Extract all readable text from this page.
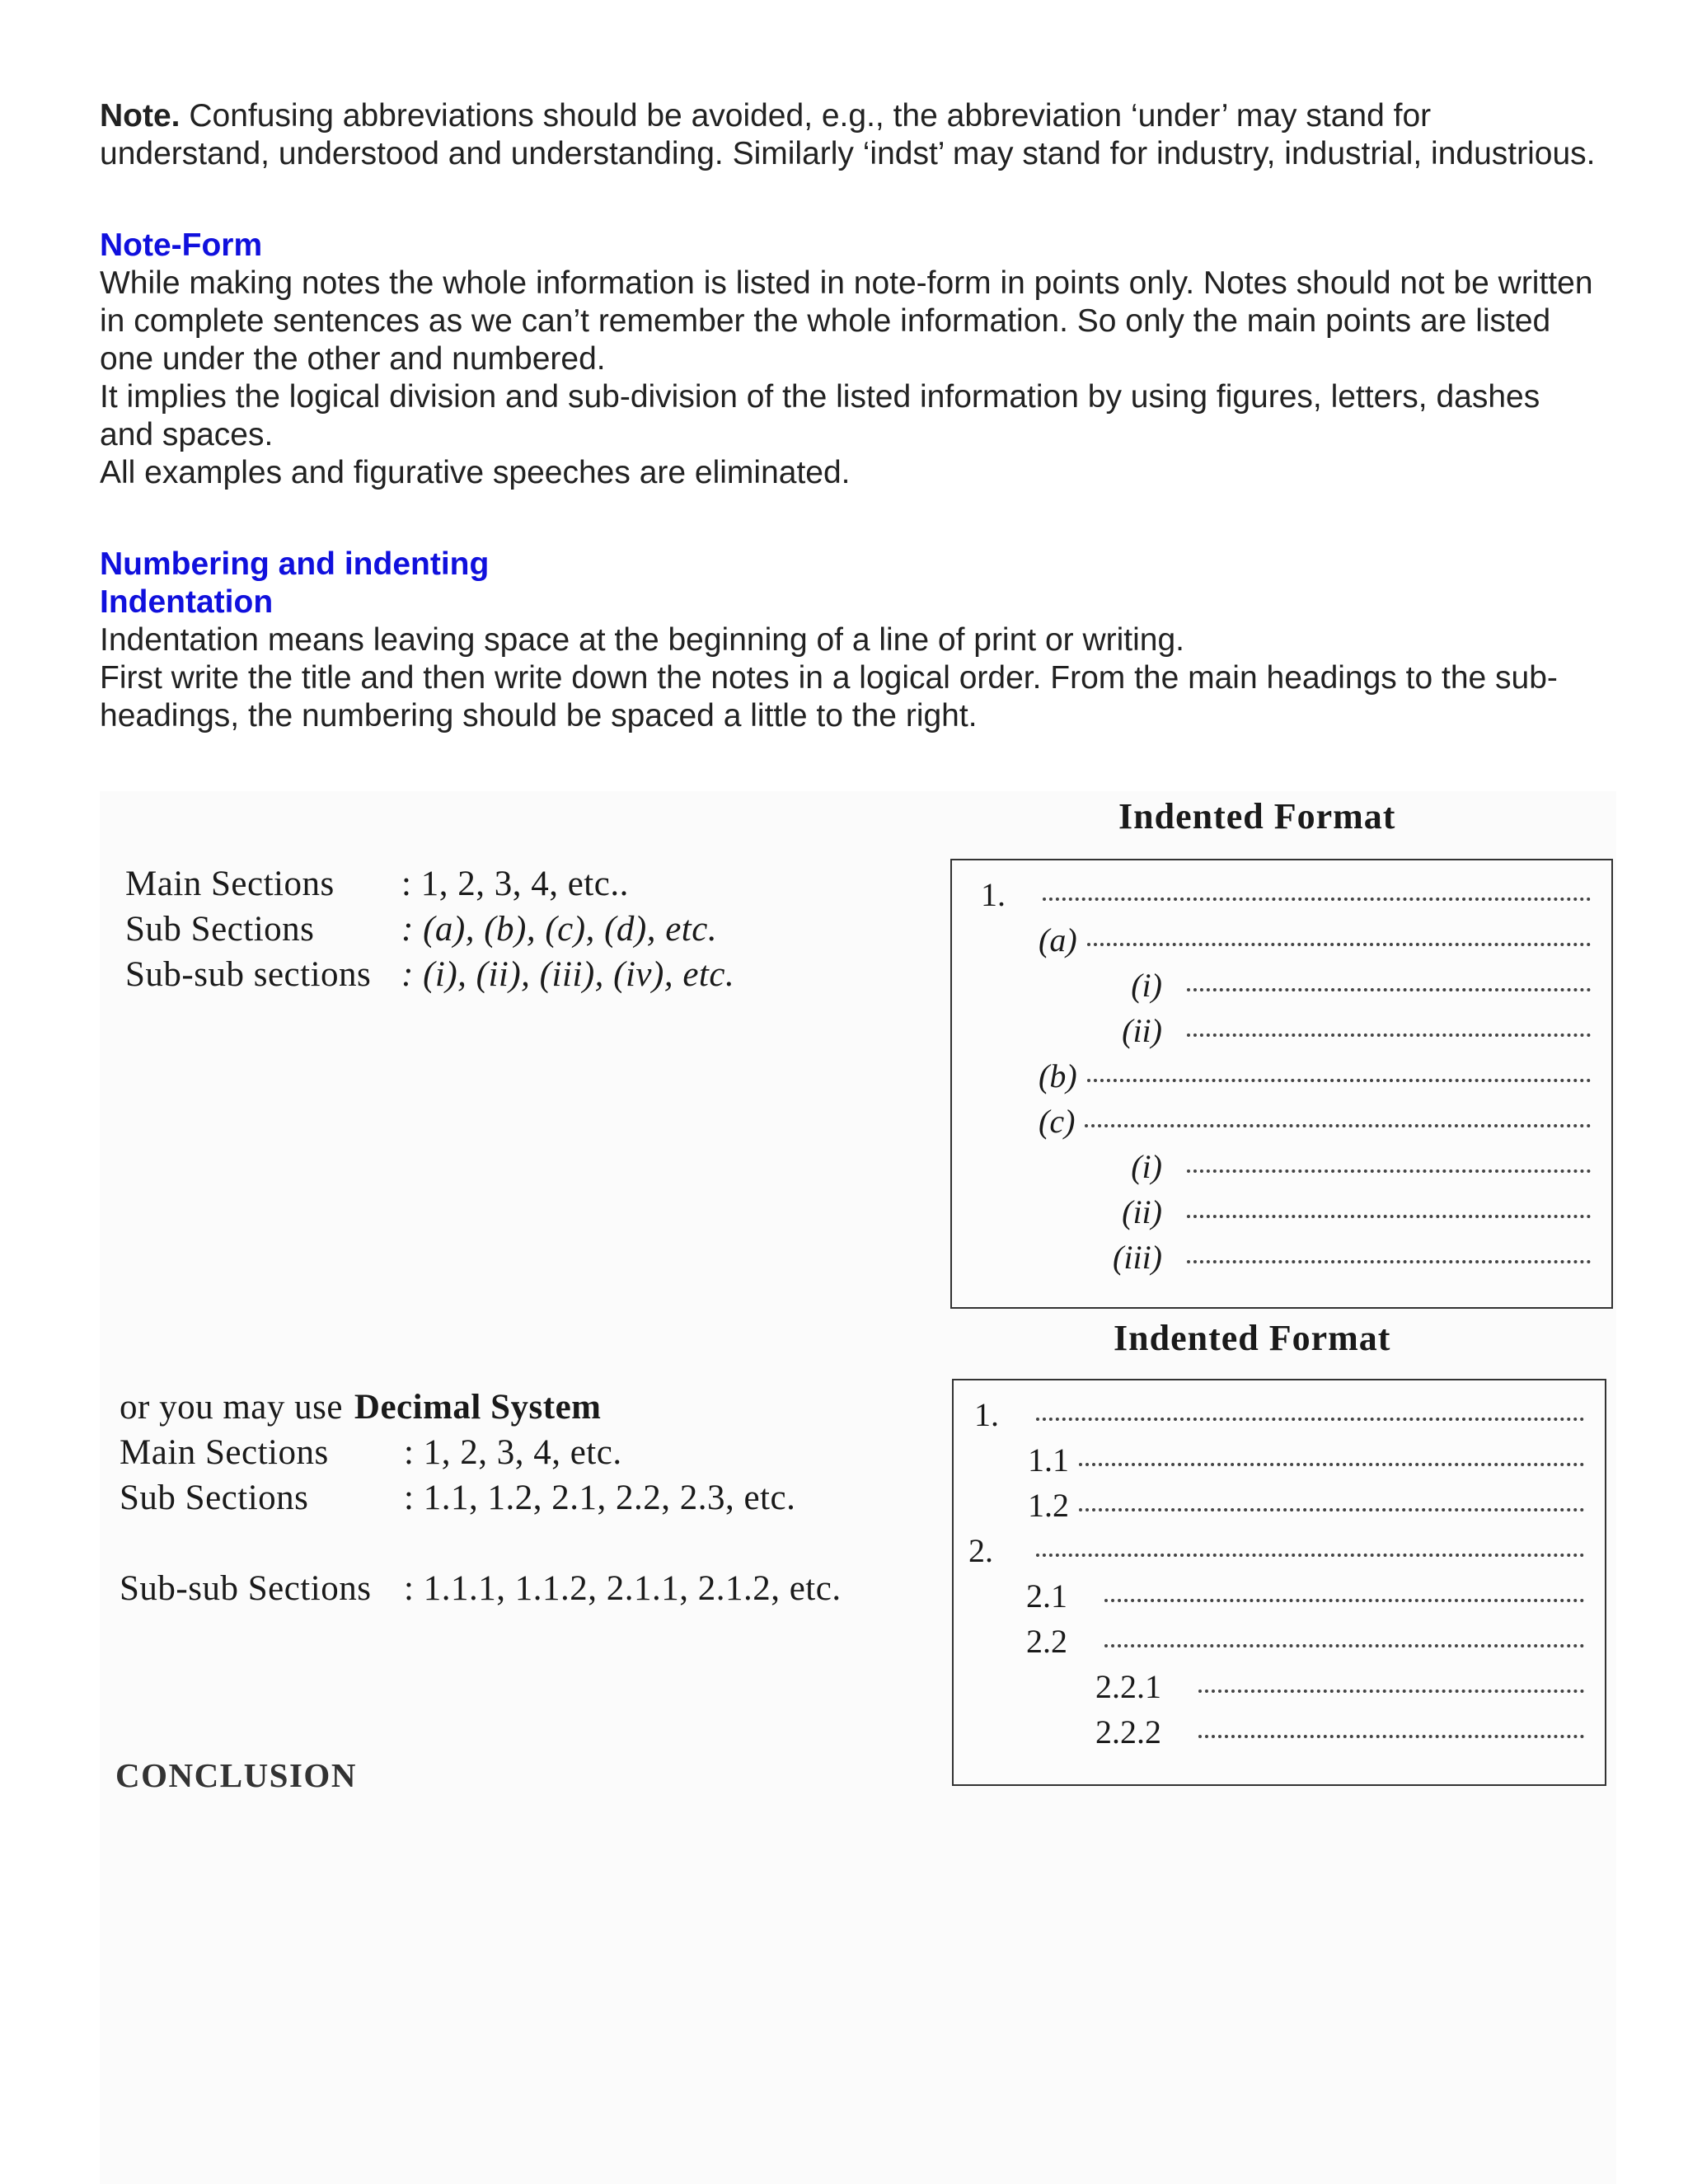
Note. Confusing abbreviations should be avoided, e.g., the abbreviation ‘under’ may stand for understand, understood and understanding. Similarly ‘indst’ may stand for industry, industrial, industrious.

Note-Form

While making notes the whole information is listed in note-form in points only. Notes should not be written in complete sentences as we can’t remember the whole information. So only the main points are listed one under the other and numbered.

It implies the logical division and sub-division of the listed information by using figures, letters, dashes and spaces.

All examples and figurative speeches are eliminated.

Numbering and indenting

Indentation

Indentation means leaving space at the beginning of a line of print or writing.

First write the title and then write down the notes in a logical order. From the main headings to the sub-headings, the numbering should be spaced a little to the right.

Indented Format
Main Sections	: 1, 2, 3, 4, etc..
Sub Sections	: (a), (b), (c), (d), etc.
Sub-sub sections : (i), (ii), (iii), (iv), etc.
1.
(a)
(i)
(ii)
(b)
(c)
(i)
(ii)
(iii)
Indented Format
or you may use Decimal System
Main Sections	: 1, 2, 3, 4, etc.
Sub Sections	: 1.1, 1.2, 2.1, 2.2, 2.3, etc.
Sub-sub Sections : 1.1.1, 1.1.2, 2.1.1, 2.1.2, etc.
1.
1.1
1.2
2.
2.1
2.2
2.2.1
2.2.2
CONCLUSION
